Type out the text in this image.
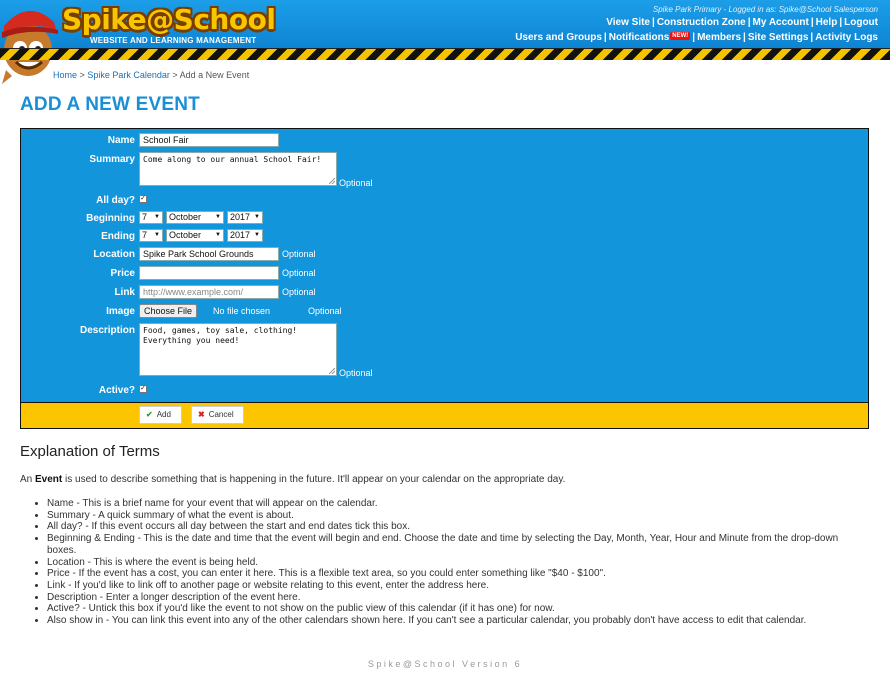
Spike@School
WEBSITE AND LEARNING MANAGEMENT
Spike Park Primary - Logged in as: Spike@School Salesperson
View Site | Construction Zone | My Account | Help | Logout
Users and Groups | Notifications NEW! | Members | Site Settings | Activity Logs
Home > Spike Park Calendar > Add a New Event
ADD A NEW EVENT
Name School Fair
Summary	Come along to our annual School Fair!
Optional
All day? ✓
Beginning 7 ▼	October ▼	2017 ▼
Ending 7 ▼	October ▼	2017 ▼
Location Spike Park School Grounds	Optional
Price	Optional
Link http://www.example.com/	Optional
Image	Choose File	No file chosen	Optional
Description	Food, games, toy sale, clothing!
Everything you need!
Optional
Active? ✓
✔ Add	✖ Cancel
Explanation of Terms
An Event is used to describe something that is happening in the future. It'll appear on your calendar on the appropriate day.
• Name - This is a brief name for your event that will appear on the calendar.
• Summary - A quick summary of what the event is about.
• All day? - If this event occurs all day between the start and end dates tick this box.
• Beginning & Ending - This is the date and time that the event will begin and end. Choose the date and time by selecting the Day, Month, Year, Hour and Minute from the drop-down boxes.
• Location - This is where the event is being held.
• Price - If the event has a cost, you can enter it here. This is a flexible text area, so you could enter something like "$40 - $100".
• Link - If you'd like to link off to another page or website relating to this event, enter the address here.
• Description - Enter a longer description of the event here.
• Active? - Untick this box if you'd like the event to not show on the public view of this calendar (if it has one) for now.
• Also show in - You can link this event into any of the other calendars shown here. If you can't see a particular calendar, you probably don't have access to edit that calendar.
Spike@School Version 6
